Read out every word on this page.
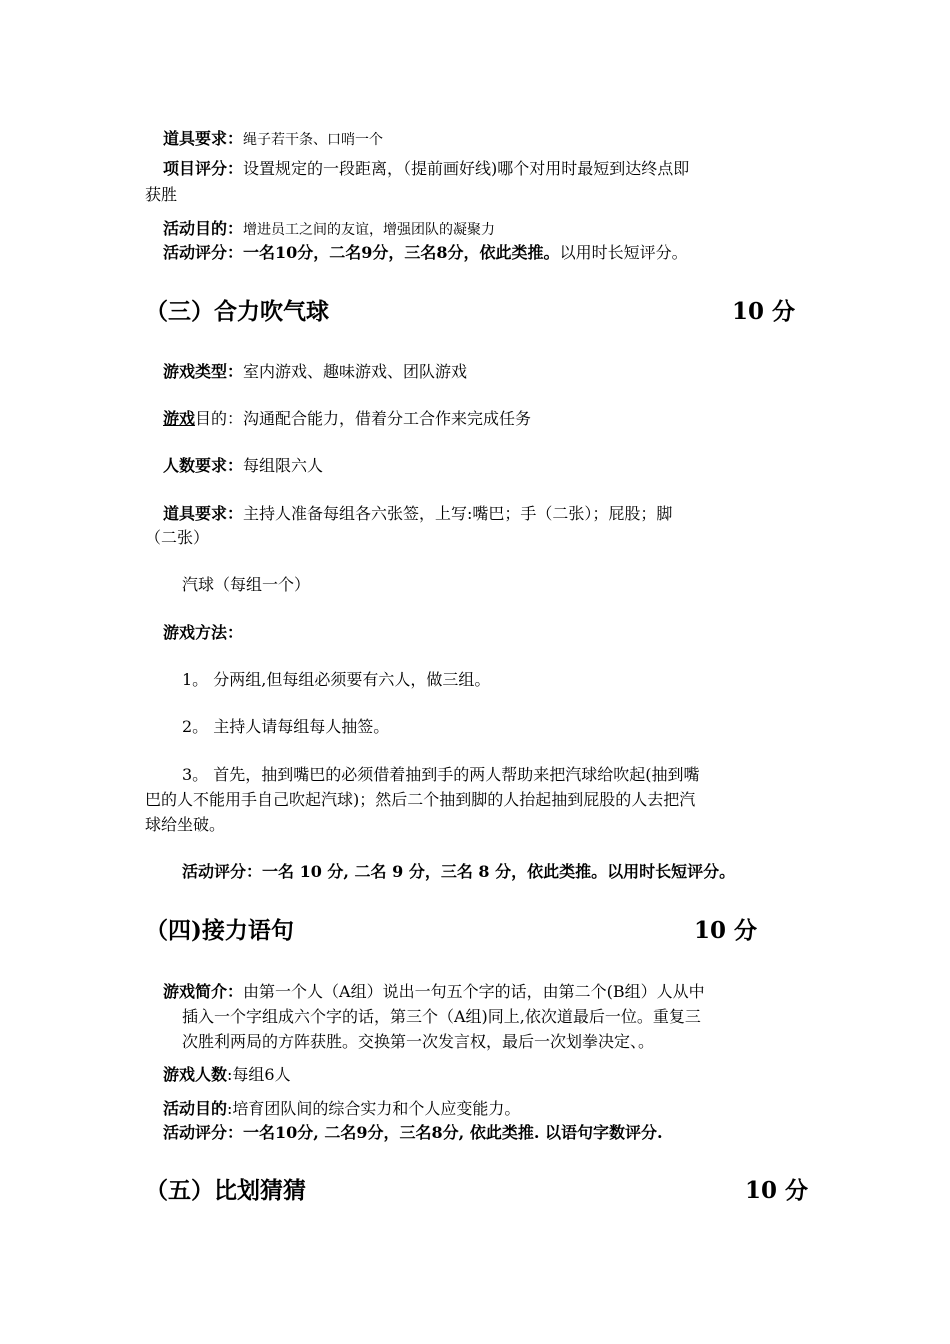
道具要求：绳子若干条、口哨一个
项目评分：设置规定的一段距离，（提前画好线)哪个对用时最短到达终点即
获胜
活动目的：增进员工之间的友谊，增强团队的凝聚力
活动评分：一名10分，二名9分，三名8分，依此类推。以用时长短评分。
（三）合力吹气球	10 分
游戏类型：室内游戏、趣味游戏、团队游戏
游戏目的：沟通配合能力，借着分工合作来完成任务
人数要求：每组限六人
道具要求：主持人准备每组各六张签，上写:嘴巴；手（二张）；屁股；脚
（二张）
汽球（每组一个）
游戏方法：
1。 分两组,但每组必须要有六人，做三组。
2。 主持人请每组每人抽签。
3。 首先，抽到嘴巴的必须借着抽到手的两人帮助来把汽球给吹起(抽到嘴
巴的人不能用手自己吹起汽球)；然后二个抽到脚的人抬起抽到屁股的人去把汽
球给坐破。
活动评分：一名 10 分, 二名 9 分，三名 8 分，依此类推。以用时长短评分。
（四)接力语句	10 分
游戏简介：由第一个人（A组）说出一句五个字的话，由第二个(B组）人从中
插入一个字组成六个字的话，第三个（A组)同上,依次道最后一位。重复三
次胜利两局的方阵获胜。交换第一次发言权，最后一次划拳决定、。
游戏人数:每组6人
活动目的:培育团队间的综合实力和个人应变能力。
活动评分：一名10分, 二名9分，三名8分, 依此类推. 以语句字数评分.
（五）比划猜猜	10 分
